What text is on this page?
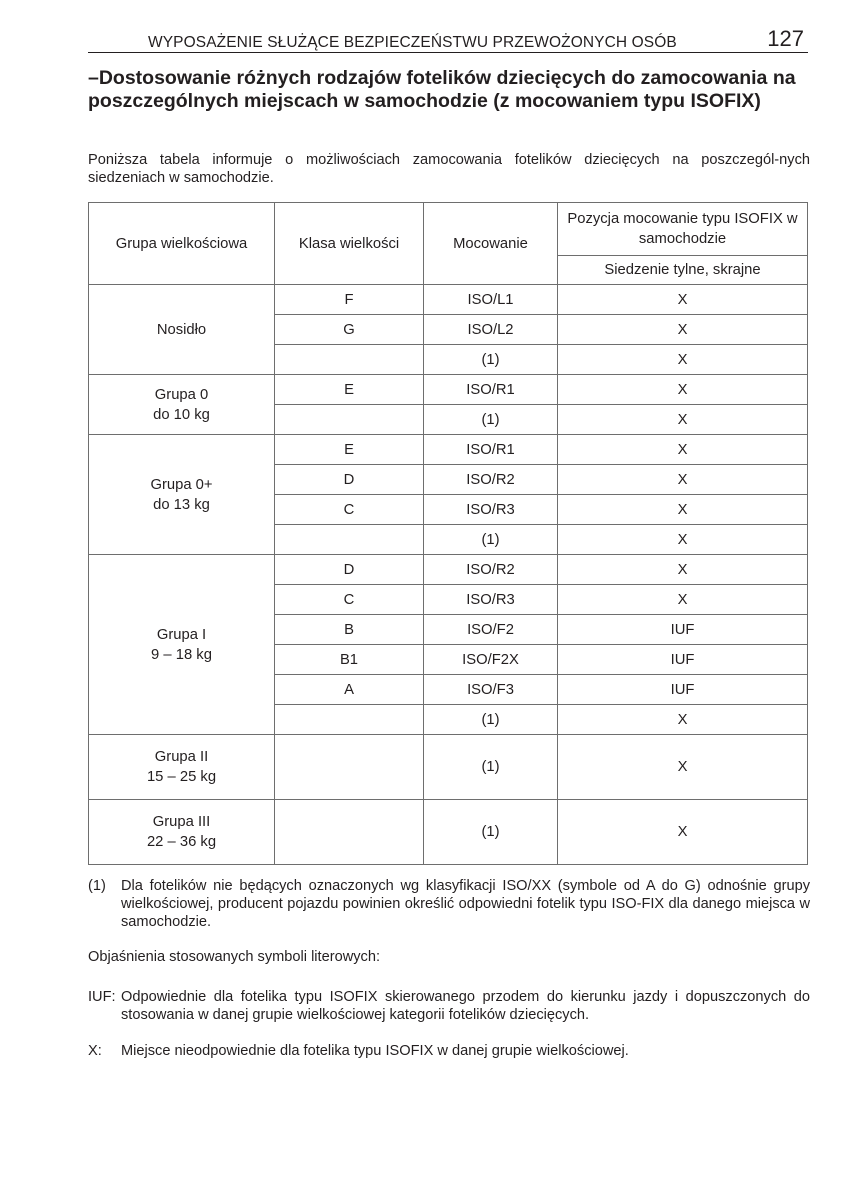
WYPOSAŻENIE SŁUŻĄCE BEZPIECZEŃSTWU PRZEWOŻONYCH OSÓB	127
–Dostosowanie różnych rodzajów fotelików dziecięcych do zamocowania na poszczególnych miejscach w samochodzie (z mocowaniem typu ISOFIX)
Poniższa tabela informuje o możliwościach zamocowania fotelików dziecięcych na poszczegól-nych siedzeniach w samochodzie.
Grupa wielkościowa	Klasa wielkości	Mocowanie	Pozycja mocowanie typu ISOFIX w samochodzie
			Siedzenie tylne, skrajne

Nosidło	F	ISO/L1	X
	G	ISO/L2	X
		(1)	X

Grupa 0
do 10 kg	E	ISO/R1	X
		(1)	X

Grupa 0+
do 13 kg	E	ISO/R1	X
	D	ISO/R2	X
	C	ISO/R3	X
		(1)	X

Grupa I
9 – 18 kg	D	ISO/R2	X
	C	ISO/R3	X
	B	ISO/F2	IUF
	B1	ISO/F2X	IUF
	A	ISO/F3	IUF
		(1)	X

Grupa II
15 – 25 kg		(1)	X

Grupa III
22 – 36 kg		(1)	X
(1) Dla fotelików nie będących oznaczonych wg klasyfikacji ISO/XX (symbole od A do G) odnośnie grupy wielkościowej, producent pojazdu powinien określić odpowiedni fotelik typu ISO-FIX dla danego miejsca w samochodzie.
Objaśnienia stosowanych symboli literowych:
IUF: Odpowiednie dla fotelika typu ISOFIX skierowanego przodem do kierunku jazdy i dopuszczonych do stosowania w danej grupie wielkościowej kategorii fotelików dziecięcych.
X: Miejsce nieodpowiednie dla fotelika typu ISOFIX w danej grupie wielkościowej.
